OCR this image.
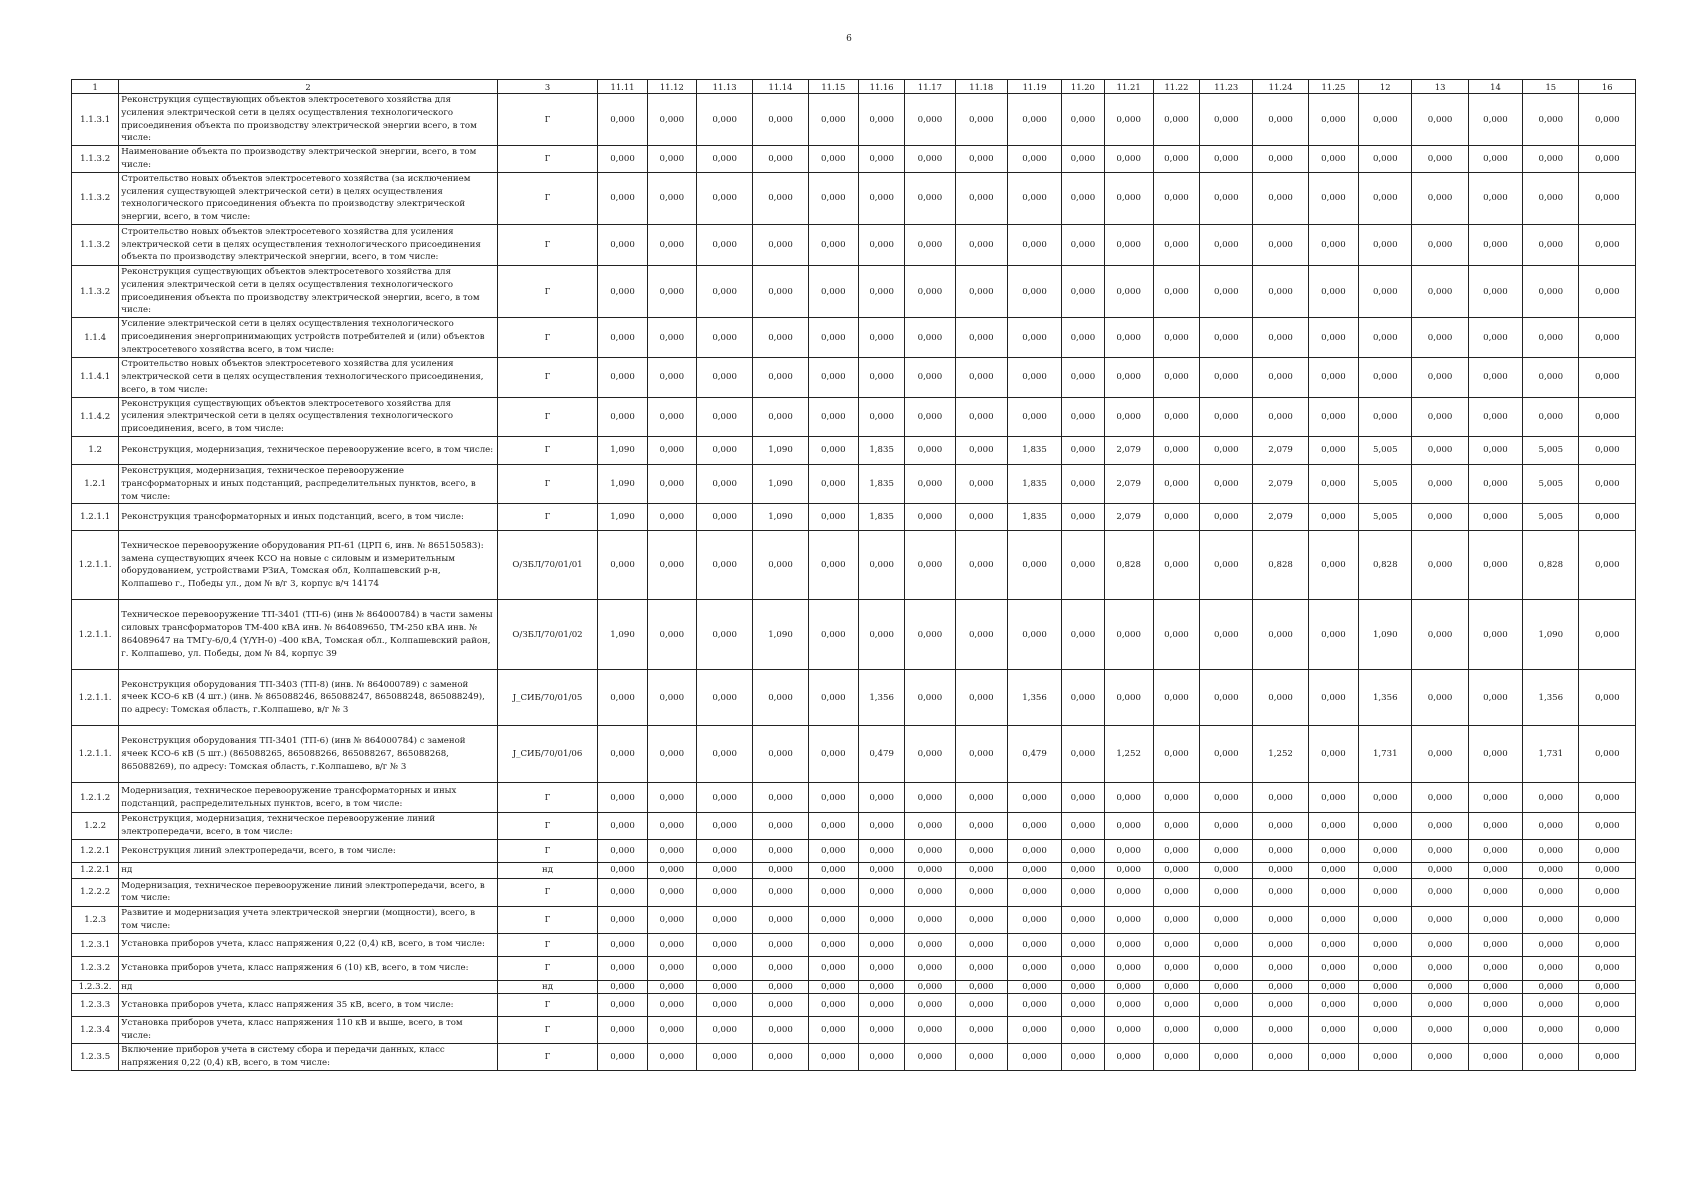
6
1	2	3	11.11	11.12	11.13	11.14	11.15	11.16	11.17	11.18	11.19	11.20	11.21	11.22	11.23	11.24	11.25	12	13	14	15	16
1.1.3.1	Реконструкция существующих объектов электросетевого хозяйства для усиления электрической сети в целях осуществления технологического присоединения объекта по производству электрической энергии всего, в том числе:	Г	0,000	0,000	0,000	0,000	0,000	0,000	0,000	0,000	0,000	0,000	0,000	0,000	0,000	0,000	0,000	0,000	0,000	0,000	0,000	0,000
1.1.3.2	Наименование объекта по производству электрической энергии, всего, в том числе:	Г	0,000	0,000	0,000	0,000	0,000	0,000	0,000	0,000	0,000	0,000	0,000	0,000	0,000	0,000	0,000	0,000	0,000	0,000	0,000	0,000
1.1.3.2	Строительство новых объектов электросетевого хозяйства (за исключением усиления существующей электрической сети) в целях осуществления технологического присоединения объекта по производству электрической энергии, всего, в том числе:	Г	0,000	0,000	0,000	0,000	0,000	0,000	0,000	0,000	0,000	0,000	0,000	0,000	0,000	0,000	0,000	0,000	0,000	0,000	0,000	0,000
1.1.3.2	Строительство новых объектов электросетевого хозяйства для усиления электрической сети в целях осуществления технологического присоединения объекта по производству электрической энергии, всего, в том числе:	Г	0,000	0,000	0,000	0,000	0,000	0,000	0,000	0,000	0,000	0,000	0,000	0,000	0,000	0,000	0,000	0,000	0,000	0,000	0,000	0,000
1.1.3.2	Реконструкция существующих объектов электросетевого хозяйства для усиления электрической сети в целях осуществления технологического присоединения объекта по производству электрической энергии, всего, в том числе:	Г	0,000	0,000	0,000	0,000	0,000	0,000	0,000	0,000	0,000	0,000	0,000	0,000	0,000	0,000	0,000	0,000	0,000	0,000	0,000	0,000
1.1.4	Усиление электрической сети в целях осуществления технологического присоединения энергопринимающих устройств потребителей и (или) объектов электросетевого хозяйства всего, в том числе:	Г	0,000	0,000	0,000	0,000	0,000	0,000	0,000	0,000	0,000	0,000	0,000	0,000	0,000	0,000	0,000	0,000	0,000	0,000	0,000	0,000
1.1.4.1	Строительство новых объектов электросетевого хозяйства для усиления электрической сети в целях осуществления технологического присоединения, всего, в том числе:	Г	0,000	0,000	0,000	0,000	0,000	0,000	0,000	0,000	0,000	0,000	0,000	0,000	0,000	0,000	0,000	0,000	0,000	0,000	0,000	0,000
1.1.4.2	Реконструкция существующих объектов электросетевого хозяйства для усиления электрической сети в целях осуществления технологического присоединения, всего, в том числе:	Г	0,000	0,000	0,000	0,000	0,000	0,000	0,000	0,000	0,000	0,000	0,000	0,000	0,000	0,000	0,000	0,000	0,000	0,000	0,000	0,000
1.2	Реконструкция, модернизация, техническое перевооружение всего, в том числе:	Г	1,090	0,000	0,000	1,090	0,000	1,835	0,000	0,000	1,835	0,000	2,079	0,000	0,000	2,079	0,000	5,005	0,000	0,000	5,005	0,000
1.2.1	Реконструкция, модернизация, техническое перевооружение трансформаторных и иных подстанций, распределительных пунктов, всего, в том числе:	Г	1,090	0,000	0,000	1,090	0,000	1,835	0,000	0,000	1,835	0,000	2,079	0,000	0,000	2,079	0,000	5,005	0,000	0,000	5,005	0,000
1.2.1.1	Реконструкция трансформаторных и иных подстанций, всего, в том числе:	Г	1,090	0,000	0,000	1,090	0,000	1,835	0,000	0,000	1,835	0,000	2,079	0,000	0,000	2,079	0,000	5,005	0,000	0,000	5,005	0,000
1.2.1.1.	Техническое перевооружение оборудования РП-61 (ЦРП 6, инв. № 865150583): замена существующих ячеек КСО на новые с силовым и измерительным оборудованием, устройствами РЗиА, Томская обл, Колпашевский р-н, Колпашево г., Победы ул., дом № в/г 3, корпус в/ч 14174	О/ЗБЛ/70/01/01	0,000	0,000	0,000	0,000	0,000	0,000	0,000	0,000	0,000	0,000	0,828	0,000	0,000	0,828	0,000	0,828	0,000	0,000	0,828	0,000
1.2.1.1.	Техническое перевооружение ТП-3401 (ТП-6) (инв № 864000784) в части замены силовых трансформаторов ТМ-400 кВА инв. № 864089650, ТМ-250 кВА инв. № 864089647 на ТМГу-6/0,4 (Y/YН-0) -400 кВА, Томская обл., Колпашевский район, г. Колпашево, ул. Победы, дом № 84, корпус 39	О/ЗБЛ/70/01/02	1,090	0,000	0,000	1,090	0,000	0,000	0,000	0,000	0,000	0,000	0,000	0,000	0,000	0,000	0,000	1,090	0,000	0,000	1,090	0,000
1.2.1.1.	Реконструкция оборудования ТП-3403 (ТП-8) (инв. № 864000789) с заменой ячеек КСО-6 кВ (4 шт.) (инв. № 865088246, 865088247, 865088248, 865088249), по адресу: Томская область, г.Колпашево, в/г № 3	J_СИБ/70/01/05	0,000	0,000	0,000	0,000	0,000	1,356	0,000	0,000	1,356	0,000	0,000	0,000	0,000	0,000	0,000	1,356	0,000	0,000	1,356	0,000
1.2.1.1.	Реконструкция оборудования ТП-3401 (ТП-6) (инв № 864000784) с заменой ячеек КСО-6 кВ (5 шт.) (865088265, 865088266, 865088267, 865088268, 865088269), по адресу: Томская область, г.Колпашево, в/г № 3	J_СИБ/70/01/06	0,000	0,000	0,000	0,000	0,000	0,479	0,000	0,000	0,479	0,000	1,252	0,000	0,000	1,252	0,000	1,731	0,000	0,000	1,731	0,000
1.2.1.2	Модернизация, техническое перевооружение трансформаторных и иных подстанций, распределительных пунктов, всего, в том числе:	Г	0,000	0,000	0,000	0,000	0,000	0,000	0,000	0,000	0,000	0,000	0,000	0,000	0,000	0,000	0,000	0,000	0,000	0,000	0,000	0,000
1.2.2	Реконструкция, модернизация, техническое перевооружение линий электропередачи, всего, в том числе:	Г	0,000	0,000	0,000	0,000	0,000	0,000	0,000	0,000	0,000	0,000	0,000	0,000	0,000	0,000	0,000	0,000	0,000	0,000	0,000	0,000
1.2.2.1	Реконструкция линий электропередачи, всего, в том числе:	Г	0,000	0,000	0,000	0,000	0,000	0,000	0,000	0,000	0,000	0,000	0,000	0,000	0,000	0,000	0,000	0,000	0,000	0,000	0,000	0,000
1.2.2.1	нд	нд	0,000	0,000	0,000	0,000	0,000	0,000	0,000	0,000	0,000	0,000	0,000	0,000	0,000	0,000	0,000	0,000	0,000	0,000	0,000	0,000
1.2.2.2	Модернизация, техническое перевооружение линий электропередачи, всего, в том числе:	Г	0,000	0,000	0,000	0,000	0,000	0,000	0,000	0,000	0,000	0,000	0,000	0,000	0,000	0,000	0,000	0,000	0,000	0,000	0,000	0,000
1.2.3	Развитие и модернизация учета электрической энергии (мощности), всего, в том числе:	Г	0,000	0,000	0,000	0,000	0,000	0,000	0,000	0,000	0,000	0,000	0,000	0,000	0,000	0,000	0,000	0,000	0,000	0,000	0,000	0,000
1.2.3.1	Установка приборов учета, класс напряжения 0,22 (0,4) кВ, всего, в том числе:	Г	0,000	0,000	0,000	0,000	0,000	0,000	0,000	0,000	0,000	0,000	0,000	0,000	0,000	0,000	0,000	0,000	0,000	0,000	0,000	0,000
1.2.3.2	Установка приборов учета, класс напряжения 6 (10) кВ, всего, в том числе:	Г	0,000	0,000	0,000	0,000	0,000	0,000	0,000	0,000	0,000	0,000	0,000	0,000	0,000	0,000	0,000	0,000	0,000	0,000	0,000	0,000
1.2.3.2.	нд	нд	0,000	0,000	0,000	0,000	0,000	0,000	0,000	0,000	0,000	0,000	0,000	0,000	0,000	0,000	0,000	0,000	0,000	0,000	0,000	0,000
1.2.3.3	Установка приборов учета, класс напряжения 35 кВ, всего, в том числе:	Г	0,000	0,000	0,000	0,000	0,000	0,000	0,000	0,000	0,000	0,000	0,000	0,000	0,000	0,000	0,000	0,000	0,000	0,000	0,000	0,000
1.2.3.4	Установка приборов учета, класс напряжения 110 кВ и выше, всего, в том числе:	Г	0,000	0,000	0,000	0,000	0,000	0,000	0,000	0,000	0,000	0,000	0,000	0,000	0,000	0,000	0,000	0,000	0,000	0,000	0,000	0,000
1.2.3.5	Включение приборов учета в систему сбора и передачи данных, класс напряжения 0,22 (0,4) кВ, всего, в том числе:	Г	0,000	0,000	0,000	0,000	0,000	0,000	0,000	0,000	0,000	0,000	0,000	0,000	0,000	0,000	0,000	0,000	0,000	0,000	0,000	0,000
